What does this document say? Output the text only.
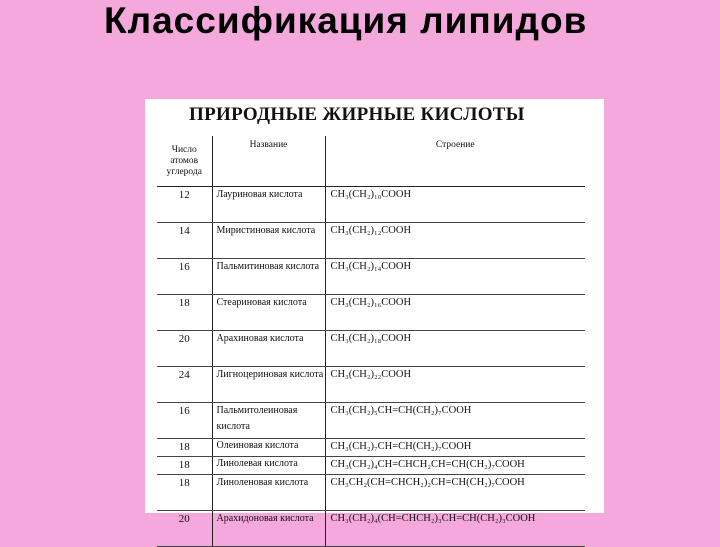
Классификация липидов
ПРИРОДНЫЕ ЖИРНЫЕ КИСЛОТЫ
Число атомов углерода	Название	Строение
12	Лауриновая кислота	CH₃(CH₂)₁₀COOH
14	Миристиновая кислота	CH₃(CH₂)₁₂COOH
16	Пальмитиновая кислота	CH₃(CH₂)₁₄COOH
18	Стеариновая кислота	CH₃(CH₂)₁₆COOH
20	Арахиновая кислота	CH₃(CH₂)₁₈COOH
24	Лигноцериновая кислота	CH₃(CH₂)₂₂COOH
16	Пальмитолеиновая кислота	CH₃(CH₂)₅CH=CH(CH₂)₇COOH
18	Олеиновая кислота	CH₃(CH₂)₇CH=CH(CH₂)₇COOH
18	Линолевая кислота	CH₃(CH₂)₄CH=CHCH₂CH=CH(CH₂)₇COOH
18	Линоленовая кислота	CH₃CH₂(CH=CHCH₂)₂CH=CH(CH₂)₇COOH
20	Арахидоновая кислота	CH₃(CH₂)₄(CH=CHCH₂)₃CH=CH(CH₂)₃COOH
